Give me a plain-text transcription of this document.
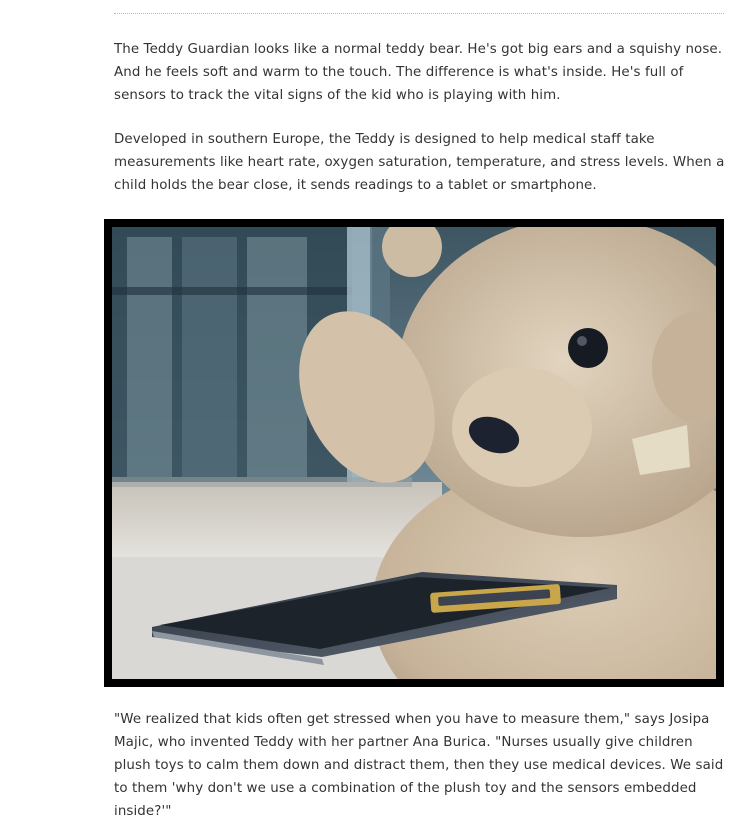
The Teddy Guardian looks like a normal teddy bear. He's got big ears and a squishy nose. And he feels soft and warm to the touch. The difference is what's inside. He's full of sensors to track the vital signs of the kid who is playing with him.

Developed in southern Europe, the Teddy is designed to help medical staff take measurements like heart rate, oxygen saturation, temperature, and stress levels. When a child holds the bear close, it sends readings to a tablet or smartphone.

"We realized that kids often get stressed when you have to measure them," says Josipa Majic, who invented Teddy with her partner Ana Burica. "Nurses usually give children plush toys to calm them down and distract them, then they use medical devices. We said to them 'why don't we use a combination of the plush toy and the sensors embedded inside?'"
